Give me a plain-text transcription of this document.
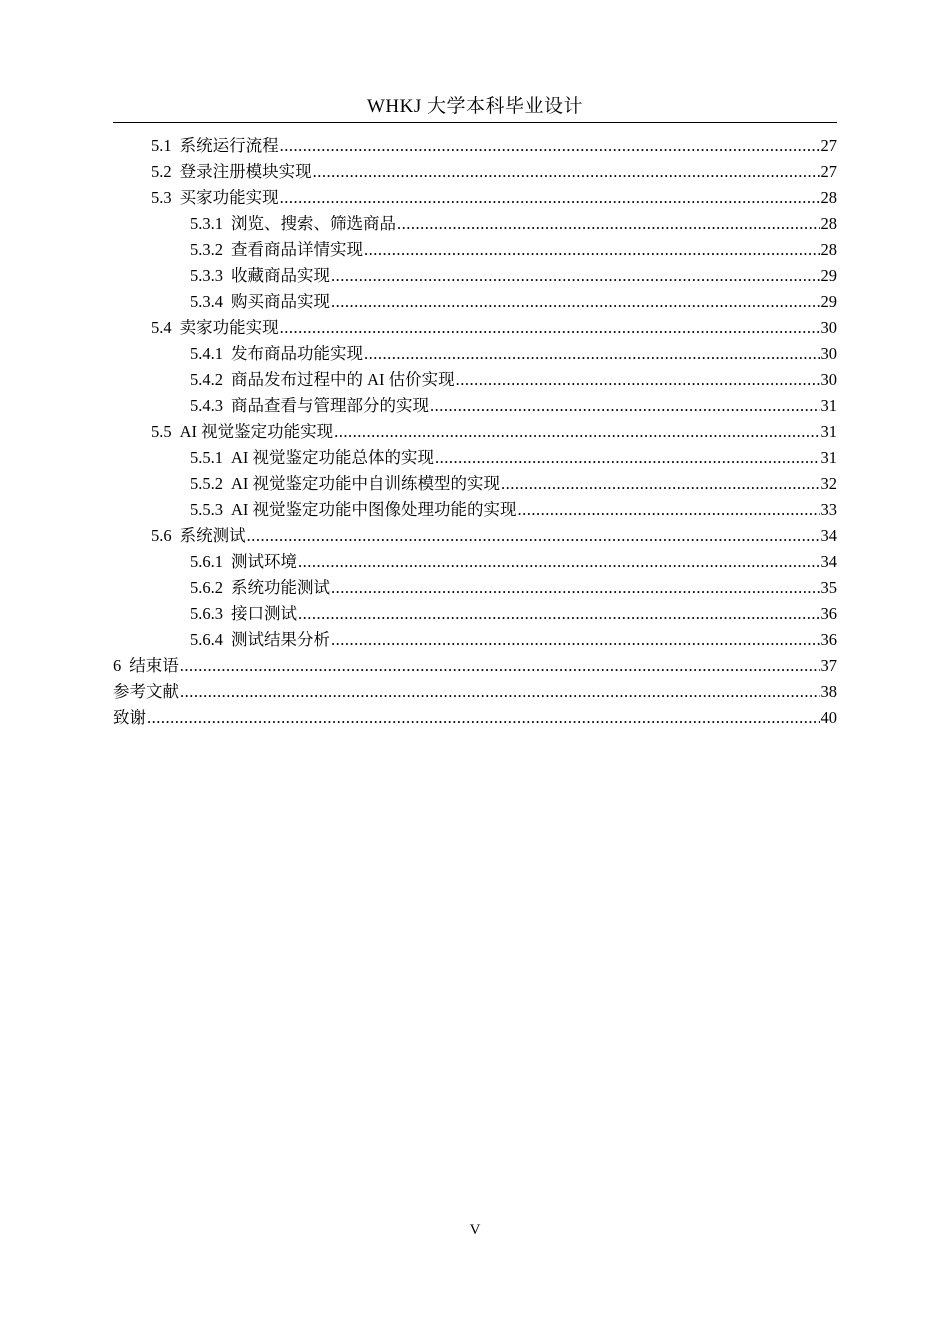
WHKJ 大学本科毕业设计
5.1 系统运行流程 .....	27
5.2 登录注册模块实现 .....	27
5.3 买家功能实现 .....	28
5.3.1 浏览、搜索、筛选商品 .....	28
5.3.2 查看商品详情实现 .....	28
5.3.3 收藏商品实现 .....	29
5.3.4 购买商品实现 .....	29
5.4 卖家功能实现 .....	30
5.4.1 发布商品功能实现 .....	30
5.4.2 商品发布过程中的 AI 估价实现 .....	30
5.4.3 商品查看与管理部分的实现 .....	31
5.5 AI 视觉鉴定功能实现 .....	31
5.5.1 AI 视觉鉴定功能总体的实现 .....	31
5.5.2 AI 视觉鉴定功能中自训练模型的实现 .....	32
5.5.3 AI 视觉鉴定功能中图像处理功能的实现 .....	33
5.6 系统测试 .....	34
5.6.1 测试环境 .....	34
5.6.2 系统功能测试 .....	35
5.6.3 接口测试 .....	36
5.6.4 测试结果分析 .....	36
6 结束语 .....	37
参考文献 .....	38
致谢 .....	40
V
